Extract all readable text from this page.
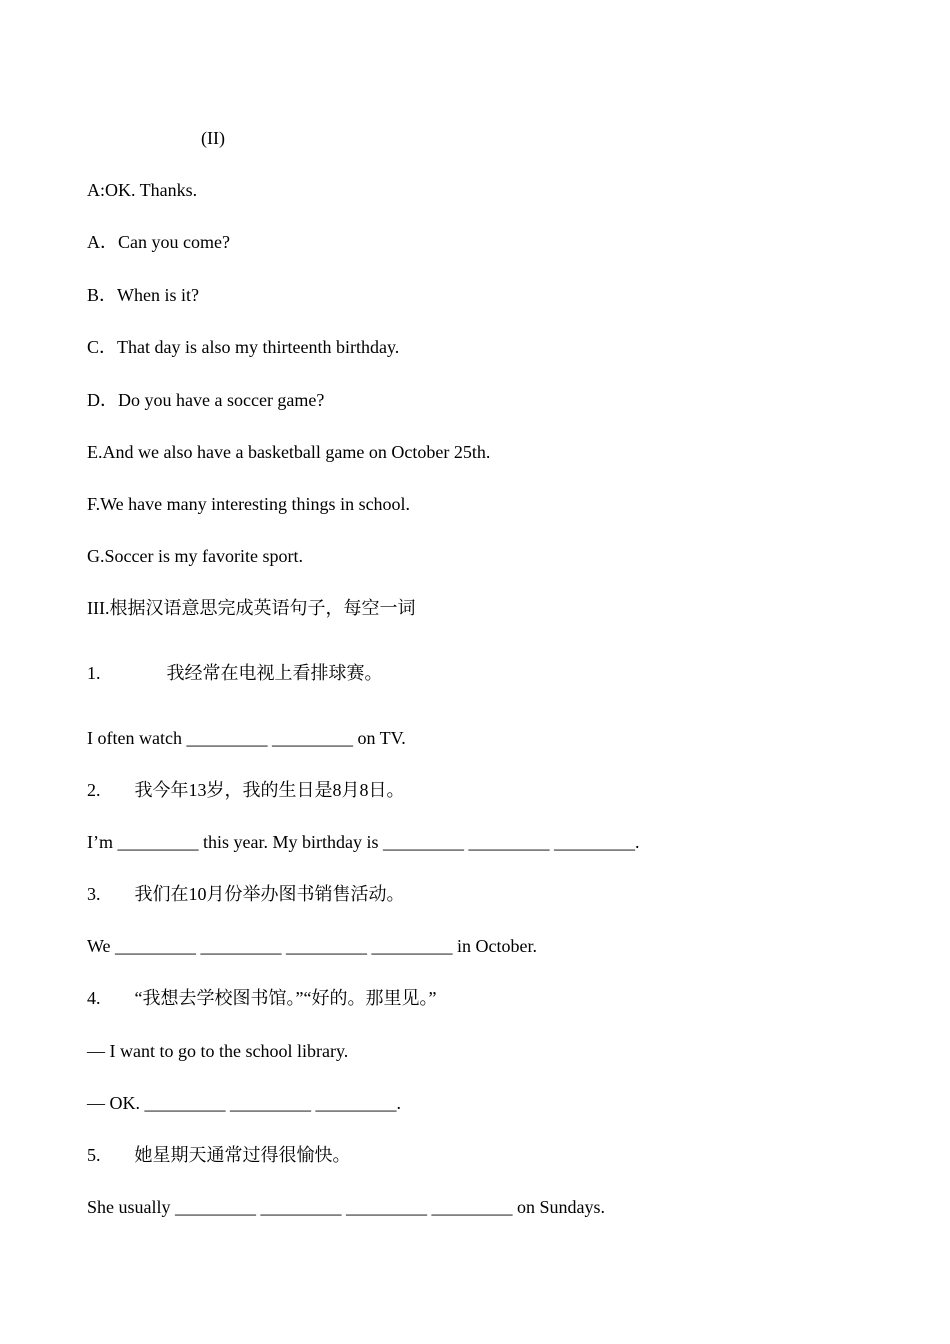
(II)
A:OK. Thanks.
A．Can you come?
B．When is it?
C．That day is also my thirteenth birthday.
D．Do you have a soccer game?
E.And we also have a basketball game on October 25th.
F.We have many interesting things in school.
G.Soccer is my favorite sport.
III.根据汉语意思完成英语句子，每空一词
1.	我经常在电视上看排球赛。
I often watch _________ _________ on TV.
2. 我今年13岁，我的生日是8月8日。
I’m _________ this year. My birthday is _________ _________ _________.
3. 我们在10月份举办图书销售活动。
We _________ _________ _________ _________ in October.
4. “我想去学校图书馆。”“好的。那里见。”
— I want to go to the school library.
— OK. _________ _________ _________.
5. 她星期天通常过得很愉快。
She usually _________ _________ _________ _________ on Sundays.
